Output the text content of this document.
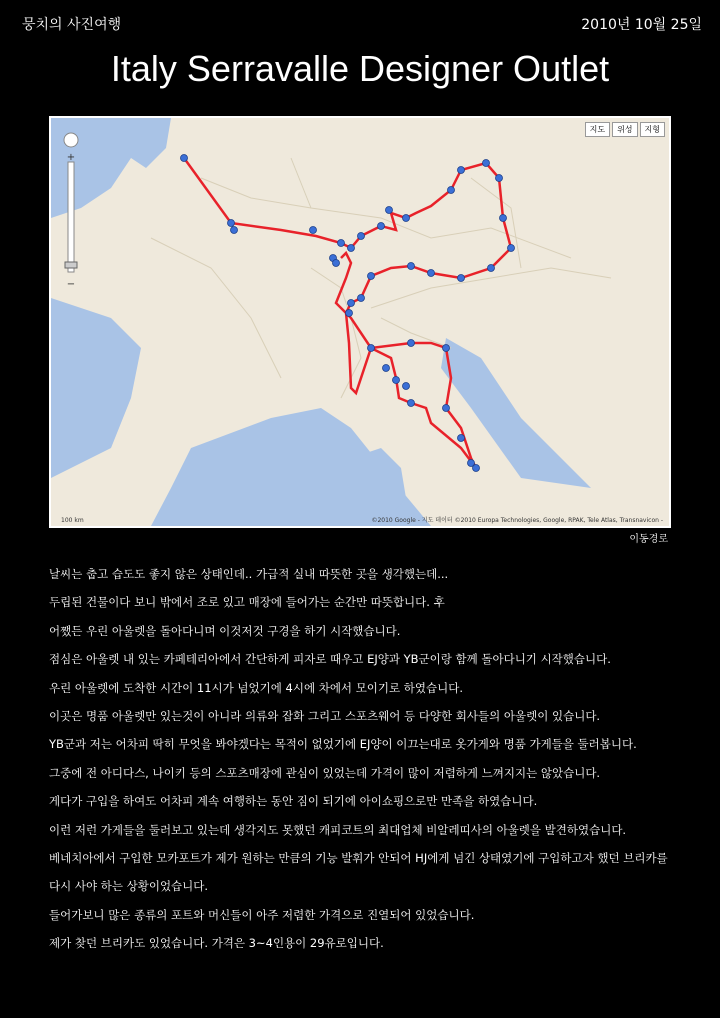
뭉치의 사진여행	2010년 10월 25일
Italy Serravalle Designer Outlet
+
−
지도	위성	지형
100 km	©2010 Google - 지도 데이터 ©2010 Europa Technologies, Google, RPAK, Tele Atlas, Transnavicon -
이동경로

날씨는 춥고 습도도 좋지 않은 상태인데.. 가급적 실내 따뜻한 곳을 생각했는데...

두립된 건물이다 보니 밖에서 조로 있고 매장에 들어가는 순간만 따뜻합니다. 후

어쨌든 우린 아울렛을 돌아다니며 이것저것 구경을 하기 시작했습니다.

점심은 아울렛 내 있는 카페테리아에서 간단하게 피자로 때우고 EJ양과 YB군이랑 함께 돌아다니기 시작했습니다.

우린 아울렛에 도착한 시간이 11시가 넘었기에 4시에 차에서 모이기로 하였습니다.

이곳은 명품 아울렛만 있는것이 아니라 의류와 잡화 그리고 스포츠웨어 등 다양한 회사들의 아울렛이 있습니다.

YB군과 저는 어차피 딱히 무엇을 봐야겠다는 목적이 없었기에 EJ양이 이끄는대로 옷가게와 명품 가게들을 둘러봅니다.

그중에 전 아디다스, 나이키 등의 스포츠매장에 관심이 있었는데 가격이 많이 저렴하게 느껴지지는 않았습니다.

게다가 구입을 하여도 어차피 계속 여행하는 동안 짐이 되기에 아이쇼핑으로만 만족을 하였습니다.

이런 저런 가게들을 둘러보고 있는데 생각지도 못했던 캐피코트의 최대업체 비알레띠사의 아울렛을 발견하였습니다.

베네치아에서 구입한 모카포트가 제가 원하는 만큼의 기능 발휘가 안되어 HJ에게 넘긴 상태였기에 구입하고자 했던 브리카를

다시 사야 하는 상황이었습니다.

들어가보니 많은 종류의 포트와 머신들이 아주 저렴한 가격으로 진열되어 있었습니다.

제가 찾던 브리카도 있었습니다. 가격은 3~4인용이 29유로입니다.
